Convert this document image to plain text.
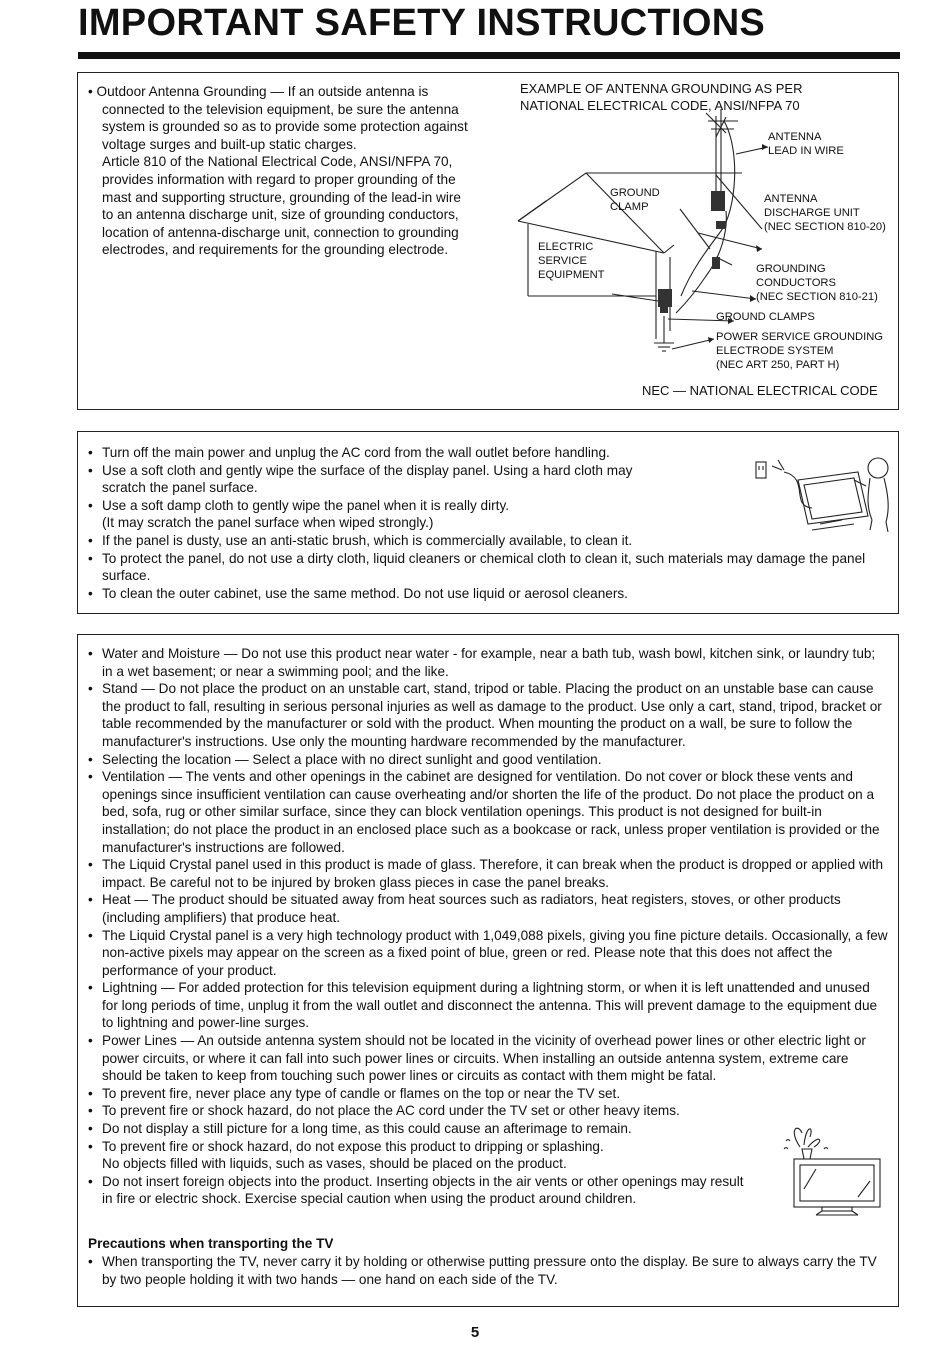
IMPORTANT SAFETY INSTRUCTIONS

• Outdoor Antenna Grounding — If an outside antenna is

connected to the television equipment, be sure the antenna

system is grounded so as to provide some protection against

voltage surges and built-up static charges.

Article 810 of the National Electrical Code, ANSI/NFPA 70,

provides information with regard to proper grounding of the

mast and supporting structure, grounding of the lead-in wire

to an antenna discharge unit, size of grounding conductors,

location of antenna-discharge unit, connection to grounding

electrodes, and requirements for the grounding electrode.

EXAMPLE OF ANTENNA GROUNDING AS PER
NATIONAL ELECTRICAL CODE, ANSI/NFPA 70
ANTENNA
LEAD IN WIRE
GROUND
CLAMP
ANTENNA
DISCHARGE UNIT
(NEC SECTION 810-20)
ELECTRIC
SERVICE
EQUIPMENT	GROUNDING
CONDUCTORS
(NEC SECTION 810-21)
GROUND CLAMPS
POWER SERVICE GROUNDING
ELECTRODE SYSTEM
(NEC ART 250, PART H)
NEC — NATIONAL ELECTRICAL CODE
• Turn off the main power and unplug the AC cord from the wall outlet before handling.
• Use a soft cloth and gently wipe the surface of the display panel. Using a hard cloth may
scratch the panel surface.
• Use a soft damp cloth to gently wipe the panel when it is really dirty.
(It may scratch the panel surface when wiped strongly.)
• If the panel is dusty, use an anti-static brush, which is commercially available, to clean it.
• To protect the panel, do not use a dirty cloth, liquid cleaners or chemical cloth to clean it, such materials may damage the panel surface.
• To clean the outer cabinet, use the same method. Do not use liquid or aerosol cleaners.
• Water and Moisture — Do not use this product near water - for example, near a bath tub, wash bowl, kitchen sink, or laundry tub; in a wet basement; or near a swimming pool; and the like.
• Stand — Do not place the product on an unstable cart, stand, tripod or table. Placing the product on an unstable base can cause the product to fall, resulting in serious personal injuries as well as damage to the product. Use only a cart, stand, tripod, bracket or table recommended by the manufacturer or sold with the product. When mounting the product on a wall, be sure to follow the manufacturer's instructions. Use only the mounting hardware recommended by the manufacturer.
• Selecting the location — Select a place with no direct sunlight and good ventilation.
• Ventilation — The vents and other openings in the cabinet are designed for ventilation. Do not cover or block these vents and openings since insufficient ventilation can cause overheating and/or shorten the life of the product. Do not place the product on a bed, sofa, rug or other similar surface, since they can block ventilation openings. This product is not designed for built-in installation; do not place the product in an enclosed place such as a bookcase or rack, unless proper ventilation is provided or the manufacturer's instructions are followed.
• The Liquid Crystal panel used in this product is made of glass. Therefore, it can break when the product is dropped or applied with impact. Be careful not to be injured by broken glass pieces in case the panel breaks.
• Heat — The product should be situated away from heat sources such as radiators, heat registers, stoves, or other products (including amplifiers) that produce heat.
• The Liquid Crystal panel is a very high technology product with 1,049,088 pixels, giving you fine picture details. Occasionally, a few non-active pixels may appear on the screen as a fixed point of blue, green or red. Please note that this does not affect the performance of your product.
• Lightning — For added protection for this television equipment during a lightning storm, or when it is left unattended and unused for long periods of time, unplug it from the wall outlet and disconnect the antenna. This will prevent damage to the equipment due to lightning and power-line surges.
• Power Lines — An outside antenna system should not be located in the vicinity of overhead power lines or other electric light or power circuits, or where it can fall into such power lines or circuits. When installing an outside antenna system, extreme care should be taken to keep from touching such power lines or circuits as contact with them might be fatal.
• To prevent fire, never place any type of candle or flames on the top or near the TV set.
• To prevent fire or shock hazard, do not place the AC cord under the TV set or other heavy items.
• Do not display a still picture for a long time, as this could cause an afterimage to remain.
• To prevent fire or shock hazard, do not expose this product to dripping or splashing.
No objects filled with liquids, such as vases, should be placed on the product.
• Do not insert foreign objects into the product. Inserting objects in the air vents or other openings may result in fire or electric shock. Exercise special caution when using the product around children.
Precautions when transporting the TV
• When transporting the TV, never carry it by holding or otherwise putting pressure onto the display. Be sure to always carry the TV by two people holding it with two hands — one hand on each side of the TV.
5
